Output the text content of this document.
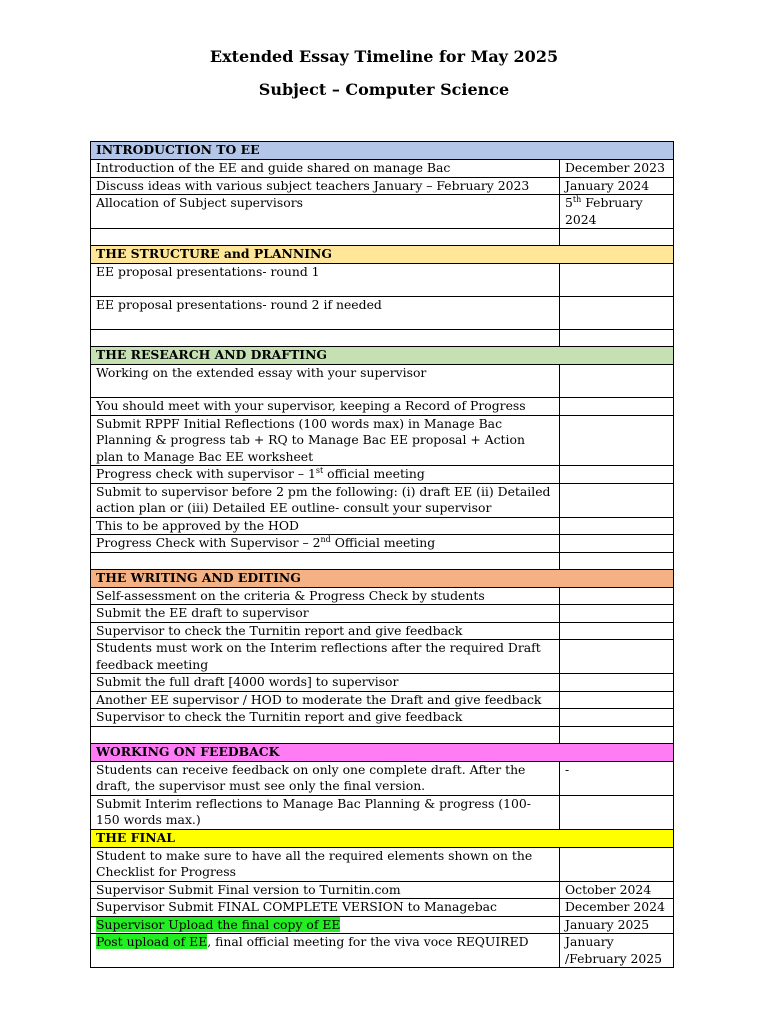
Extended Essay Timeline for May 2025
Subject – Computer Science
INTRODUCTION TO EE	
Introduction of the EE and guide shared on manage Bac	December 2023
Discuss ideas with various subject teachers January – February 2023	January 2024
Allocation of Subject supervisors	5th February 2024

THE STRUCTURE and PLANNING	
EE proposal presentations- round 1	
EE proposal presentations- round 2 if needed	

THE RESEARCH AND DRAFTING	
Working on the extended essay with your supervisor	
You should meet with your supervisor, keeping a Record of Progress	
Submit RPPF Initial Reflections (100 words max) in Manage Bac Planning & progress tab + RQ to Manage Bac EE proposal + Action plan to Manage Bac EE worksheet	
Progress check with supervisor – 1st official meeting	
Submit to supervisor before 2 pm the following: (i) draft EE (ii) Detailed action plan or (iii) Detailed EE outline- consult your supervisor	
This to be approved by the HOD	
Progress Check with Supervisor – 2nd Official meeting	

THE WRITING AND EDITING	
Self-assessment on the criteria & Progress Check by students	
Submit the EE draft to supervisor	
Supervisor to check the Turnitin report and give feedback	
Students must work on the Interim reflections after the required Draft feedback meeting	
Submit the full draft [4000 words] to supervisor	
Another EE supervisor / HOD to moderate the Draft and give feedback	
Supervisor to check the Turnitin report and give feedback	

WORKING ON FEEDBACK	
Students can receive feedback on only one complete draft. After the draft, the supervisor must see only the final version.	-
Submit Interim reflections to Manage Bac Planning & progress (100-150 words max.)	
THE FINAL	
Student to make sure to have all the required elements shown on the Checklist for Progress	
Supervisor Submit Final version to Turnitin.com	October 2024
Supervisor Submit FINAL COMPLETE VERSION to Managebac	December 2024
Supervisor Upload the final copy of EE	January 2025
Post upload of EE, final official meeting for the viva voce REQUIRED	January /February 2025
